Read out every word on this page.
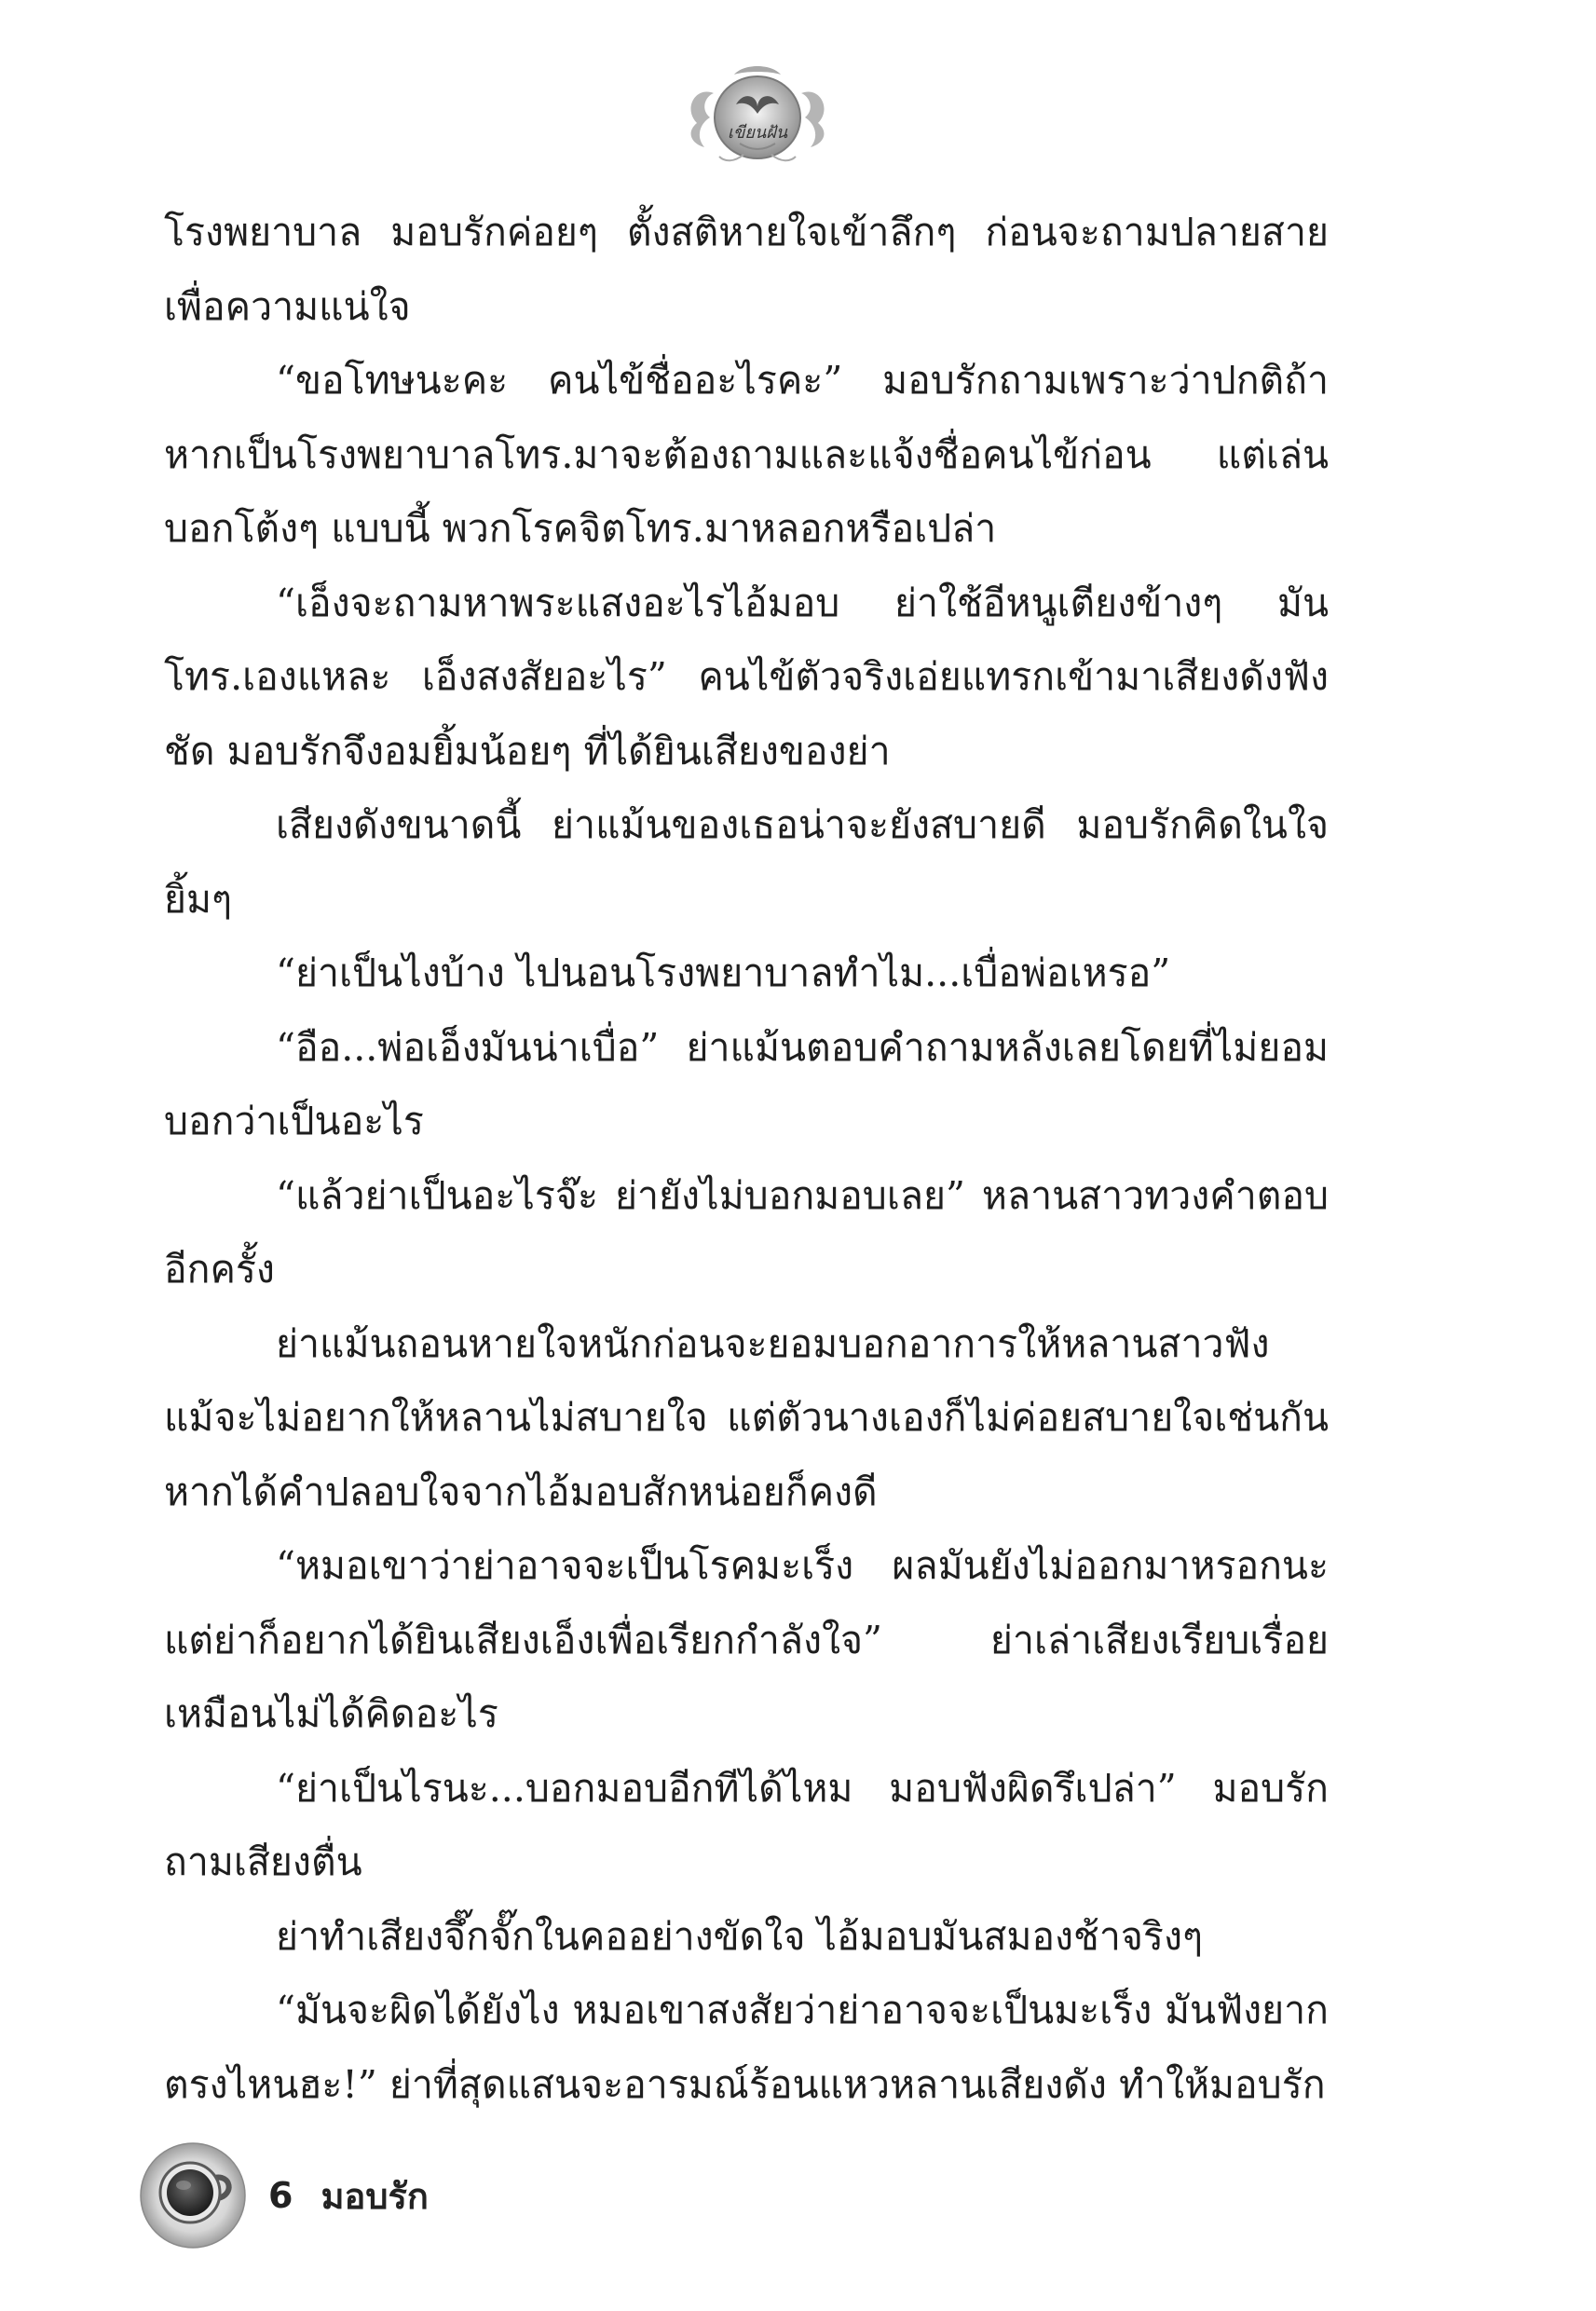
เขียนฝัน

โรงพยาบาล มอบรักค่อยๆ ตั้งสติหายใจเข้าลึกๆ ก่อนจะถามปลายสายเพื่อความแน่ใจ

“ขอโทษนะคะ คนไข้ชื่ออะไรคะ” มอบรักถามเพราะว่าปกติถ้าหากเป็นโรงพยาบาลโทร.มาจะต้องถามและแจ้งชื่อคนไข้ก่อน แต่เล่นบอกโต้งๆ แบบนี้ พวกโรคจิตโทร.มาหลอกหรือเปล่า

“เอ็งจะถามหาพระแสงอะไรไอ้มอบ ย่าใช้อีหนูเตียงข้างๆ มันโทร.เองแหละ เอ็งสงสัยอะไร” คนไข้ตัวจริงเอ่ยแทรกเข้ามาเสียงดังฟังชัด มอบรักจึงอมยิ้มน้อยๆ ที่ได้ยินเสียงของย่า

เสียงดังขนาดนี้ ย่าแม้นของเธอน่าจะยังสบายดี มอบรักคิดในใจยิ้มๆ

“ย่าเป็นไงบ้าง ไปนอนโรงพยาบาลทำไม...เบื่อพ่อเหรอ”

“อือ...พ่อเอ็งมันน่าเบื่อ” ย่าแม้นตอบคำถามหลังเลยโดยที่ไม่ยอมบอกว่าเป็นอะไร

“แล้วย่าเป็นอะไรจ๊ะ ย่ายังไม่บอกมอบเลย” หลานสาวทวงคำตอบอีกครั้ง

ย่าแม้นถอนหายใจหนักก่อนจะยอมบอกอาการให้หลานสาวฟัง แม้จะไม่อยากให้หลานไม่สบายใจ แต่ตัวนางเองก็ไม่ค่อยสบายใจเช่นกัน หากได้คำปลอบใจจากไอ้มอบสักหน่อยก็คงดี

“หมอเขาว่าย่าอาจจะเป็นโรคมะเร็ง ผลมันยังไม่ออกมาหรอกนะ แต่ย่าก็อยากได้ยินเสียงเอ็งเพื่อเรียกกำลังใจ” ย่าเล่าเสียงเรียบเรื่อยเหมือนไม่ได้คิดอะไร

“ย่าเป็นไรนะ...บอกมอบอีกทีได้ไหม มอบฟังผิดรึเปล่า” มอบรักถามเสียงตื่น

ย่าทำเสียงจึ๊กจั๊กในคออย่างขัดใจ ไอ้มอบมันสมองช้าจริงๆ

“มันจะผิดได้ยังไง หมอเขาสงสัยว่าย่าอาจจะเป็นมะเร็ง มันฟังยากตรงไหนฮะ!” ย่าที่สุดแสนจะอารมณ์ร้อนแหวหลานเสียงดัง ทำให้มอบรัก

6 มอบรัก
